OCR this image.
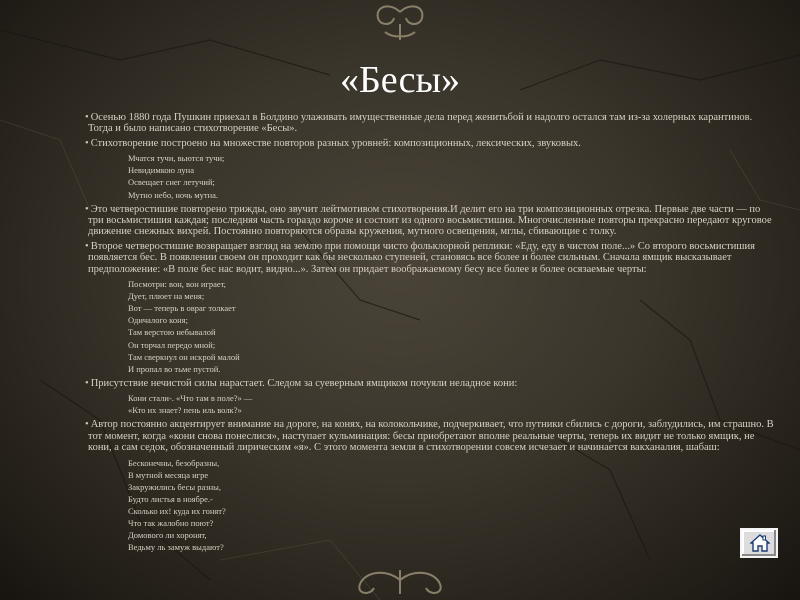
«Бесы»
• Осенью 1880 года Пушкин приехал в Болдино улаживать имущественные дела перед женитьбой и надолго остался там из-за холерных карантинов. Тогда и было написано стихотворение «Бесы».
• Стихотворение построено на множестве повторов разных уровней: композиционных, лексических, звуковых.
Мчатся тучи, вьются тучи;
Невидимкою луна
Освещает снег летучий;
Мутно небо, ночь мутна.
• Это четверостишие повторено трижды, оно звучит лейтмотивом стихотворения.И делит его на три композиционных отрезка. Первые две части — по три восьмистишия каждая; последняя часть гораздо короче и состоит из одного восьмистишия. Многочисленные повторы прекрасно передают круговое движение снежных вихрей. Постоянно повторяются образы кружения, мутного освещения, мглы, сбивающие с толку.
• Второе четверостишие возвращает взгляд на землю при помощи чисто фольклорной реплики: «Еду, еду в чистом поле...» Со второго восьмистишия появляется бес. В появлении своем он проходит как бы несколько ступеней, становясь все более и более сильным. Сначала ямщик высказывает предположение: «В поле бес нас водит, видно...». Затем он придает воображаемому бесу все более и более осязаемые черты:
Посмотри: вон, вон играет,
Дует, плюет на меня;
Вот — теперь в овраг толкает
Одичалого коня;
Там верстою небывалой
Он торчал передо мной;
Там сверкнул он искрой малой
И пропал во тьме пустой.
• Присутствие нечистой силы нарастает. Следом за суеверным ямщиком почуяли неладное кони:
Кони стали-. «Что там в поле?» —
«Кто их знает? пень иль волк?»
• Автор постоянно акцентирует внимание на дороге, на конях, на колокольчике, подчеркивает, что путники сбились с дороги, заблудились, им страшно. В тот момент, когда «кони снова понеслися», наступает кульминация: бесы приобретают вполне реальные черты, теперь их видит не только ямщик, не кони, а сам седок, обозначенный лирическим «я». С этого момента земля в стихотворении совсем исчезает и начинается вакханалия, шабаш:
Бесконечны, безобразны,
В мутной месяца игре
Закружились бесы разны,
Будто листья в ноябре.-
Сколько их! куда их гонят?
Что так жалобно поют?
Домового ли хоронят,
Ведьму ль замуж выдают?
